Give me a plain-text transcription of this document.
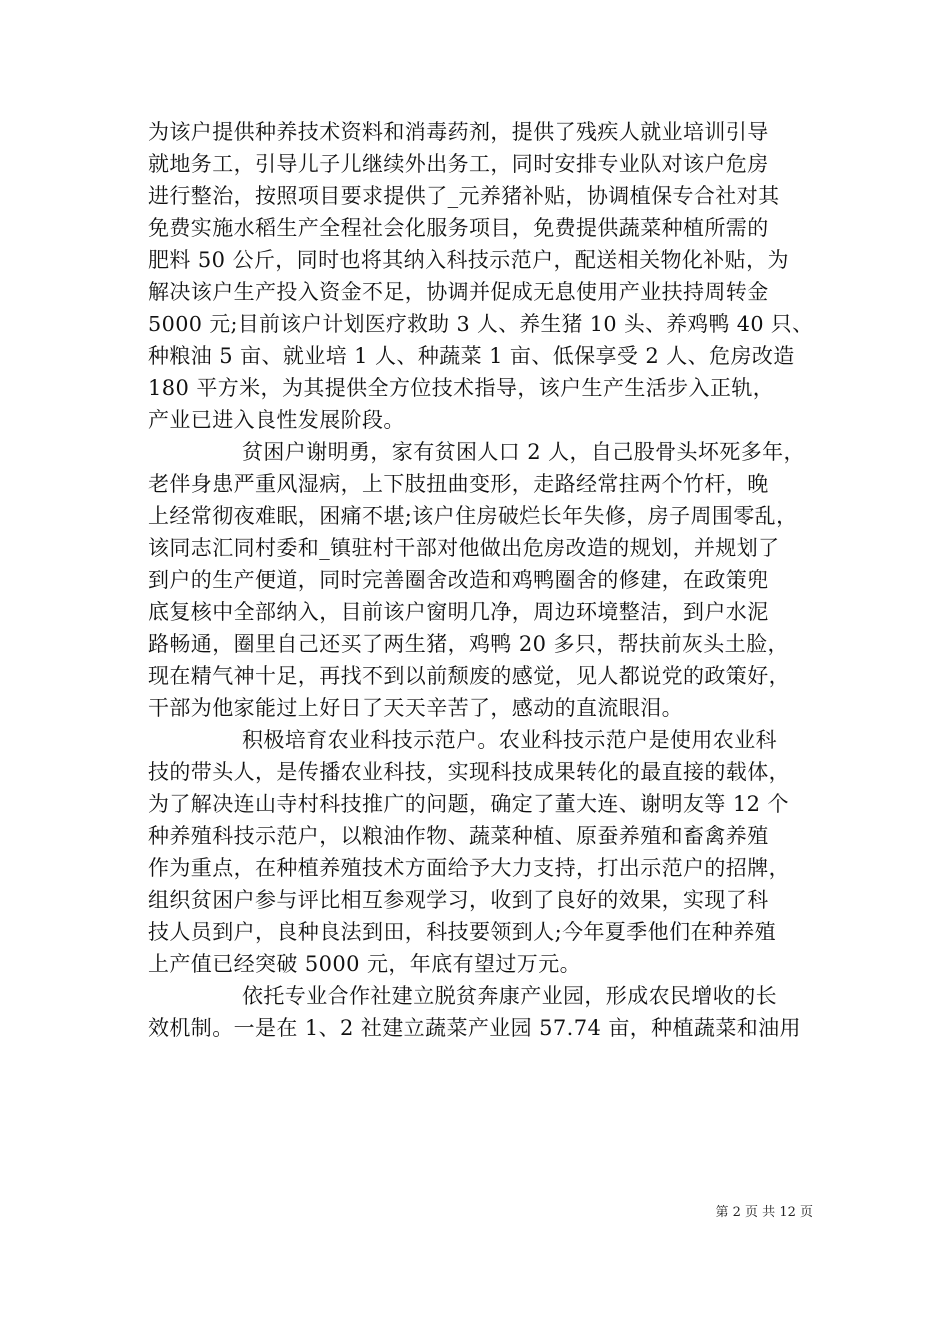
为该户提供种养技术资料和消毒药剂，提供了残疾人就业培训引导
就地务工，引导儿子儿继续外出务工，同时安排专业队对该户危房
进行整治，按照项目要求提供了_元养猪补贴，协调植保专合社对其
免费实施水稻生产全程社会化服务项目，免费提供蔬菜种植所需的
肥料 50 公斤，同时也将其纳入科技示范户，配送相关物化补贴，为
解决该户生产投入资金不足，协调并促成无息使用产业扶持周转金
5000 元;目前该户计划医疗救助 3 人、养生猪 10 头、养鸡鸭 40 只、
种粮油 5 亩、就业培 1 人、种蔬菜 1 亩、低保享受 2 人、危房改造
180 平方米，为其提供全方位技术指导，该户生产生活步入正轨，
产业已进入良性发展阶段。

贫困户谢明勇，家有贫困人口 2 人，自己股骨头坏死多年，
老伴身患严重风湿病，上下肢扭曲变形，走路经常拄两个竹杆，晚
上经常彻夜难眠，困痛不堪;该户住房破烂长年失修，房子周围零乱，
该同志汇同村委和_镇驻村干部对他做出危房改造的规划，并规划了
到户的生产便道，同时完善圈舍改造和鸡鸭圈舍的修建，在政策兜
底复核中全部纳入，目前该户窗明几净，周边环境整洁，到户水泥
路畅通，圈里自己还买了两生猪，鸡鸭 20 多只，帮扶前灰头土脸，
现在精气神十足，再找不到以前颓废的感觉，见人都说党的政策好，
干部为他家能过上好日了天天辛苦了，感动的直流眼泪。

积极培育农业科技示范户。农业科技示范户是使用农业科
技的带头人，是传播农业科技，实现科技成果转化的最直接的载体，
为了解决连山寺村科技推广的问题，确定了董大连、谢明友等 12 个
种养殖科技示范户，以粮油作物、蔬菜种植、原蚕养殖和畜禽养殖
作为重点，在种植养殖技术方面给予大力支持，打出示范户的招牌，
组织贫困户参与评比相互参观学习，收到了良好的效果，实现了科
技人员到户，良种良法到田，科技要领到人;今年夏季他们在种养殖
上产值已经突破 5000 元，年底有望过万元。

依托专业合作社建立脱贫奔康产业园，形成农民增收的长
效机制。一是在 1、2 社建立蔬菜产业园 57.74 亩，种植蔬菜和油用

第 2 页 共 12 页
